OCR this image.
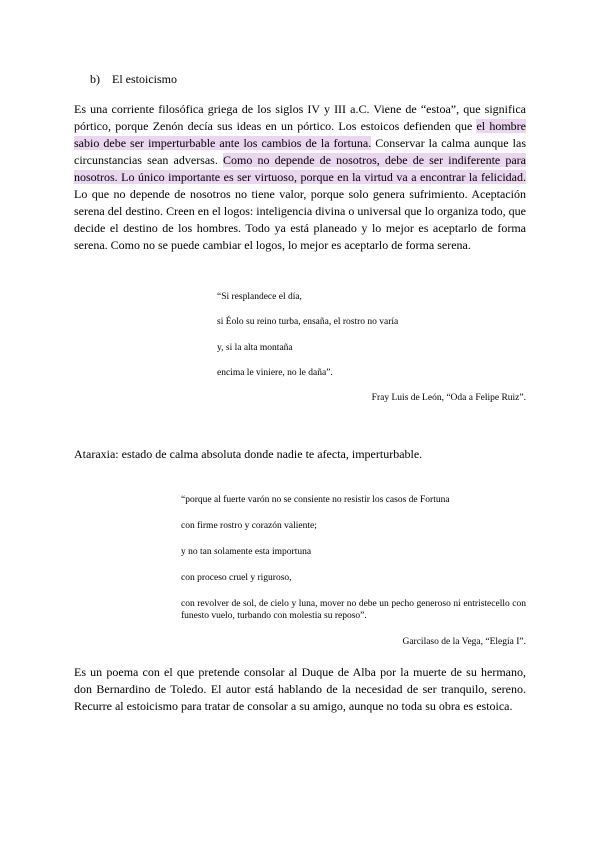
b) El estoicismo

Es una corriente filosófica griega de los siglos IV y III a.C. Viene de “estoa”, que significa pórtico, porque Zenón decía sus ideas en un pórtico. Los estoicos defienden que el hombre sabio debe ser imperturbable ante los cambios de la fortuna. Conservar la calma aunque las circunstancias sean adversas. Como no depende de nosotros, debe de ser indiferente para nosotros. Lo único importante es ser virtuoso, porque en la virtud va a encontrar la felicidad. Lo que no depende de nosotros no tiene valor, porque solo genera sufrimiento. Aceptación serena del destino. Creen en el logos: inteligencia divina o universal que lo organiza todo, que decide el destino de los hombres. Todo ya está planeado y lo mejor es aceptarlo de forma serena. Como no se puede cambiar el logos, lo mejor es aceptarlo de forma serena.

“Si resplandece el día,

si Éolo su reino turba, ensaña, el rostro no varía

y, si la alta montaña

encima le viniere, no le daña”.

Fray Luis de León, “Oda a Felipe Ruiz”.
Ataraxia: estado de calma absoluta donde nadie te afecta, imperturbable.

“porque al fuerte varón no se consiente no resistir los casos de Fortuna

con firme rostro y corazón valiente;

y no tan solamente esta importuna

con proceso cruel y riguroso,

con revolver de sol, de cielo y luna, mover no debe un pecho generoso ni entristecello con funesto vuelo, turbando con molestia su reposo”.

Garcilaso de la Vega, “Elegía I”.

Es un poema con el que pretende consolar al Duque de Alba por la muerte de su hermano, don Bernardino de Toledo. El autor está hablando de la necesidad de ser tranquilo, sereno. Recurre al estoicismo para tratar de consolar a su amigo, aunque no toda su obra es estoica.
